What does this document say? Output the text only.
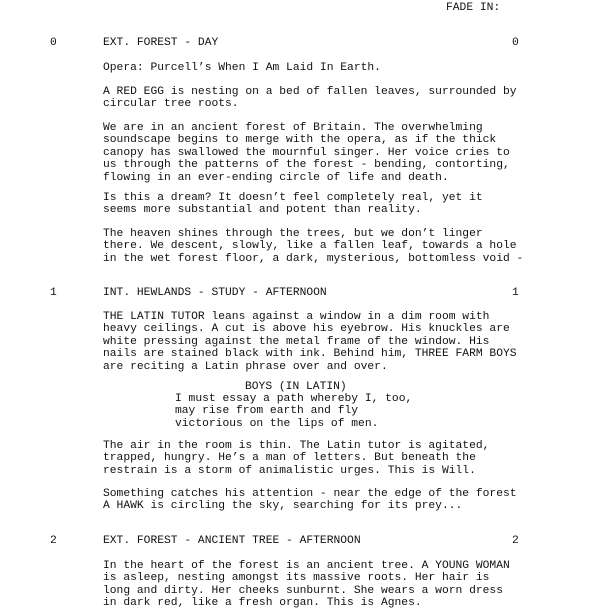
FADE IN:
0	EXT. FOREST - DAY	0
Opera: Purcell’s When I Am Laid In Earth.
A RED EGG is nesting on a bed of fallen leaves, surrounded by
circular tree roots.
We are in an ancient forest of Britain. The overwhelming
soundscape begins to merge with the opera, as if the thick
canopy has swallowed the mournful singer. Her voice cries to
us through the patterns of the forest - bending, contorting,
flowing in an ever-ending circle of life and death.
Is this a dream? It doesn’t feel completely real, yet it
seems more substantial and potent than reality.
The heaven shines through the trees, but we don’t linger
there. We descent, slowly, like a fallen leaf, towards a hole
in the wet forest floor, a dark, mysterious, bottomless void -
1	INT. HEWLANDS - STUDY - AFTERNOON	1
THE LATIN TUTOR leans against a window in a dim room with
heavy ceilings. A cut is above his eyebrow. His knuckles are
white pressing against the metal frame of the window. His
nails are stained black with ink. Behind him, THREE FARM BOYS
are reciting a Latin phrase over and over.
BOYS (IN LATIN)
I must essay a path whereby I, too,
may rise from earth and fly
victorious on the lips of men.
The air in the room is thin. The Latin tutor is agitated,
trapped, hungry. He’s a man of letters. But beneath the
restrain is a storm of animalistic urges. This is Will.
Something catches his attention - near the edge of the forest
A HAWK is circling the sky, searching for its prey...
2	EXT. FOREST - ANCIENT TREE - AFTERNOON	2
In the heart of the forest is an ancient tree. A YOUNG WOMAN
is asleep, nesting amongst its massive roots. Her hair is
long and dirty. Her cheeks sunburnt. She wears a worn dress
in dark red, like a fresh organ. This is Agnes.
